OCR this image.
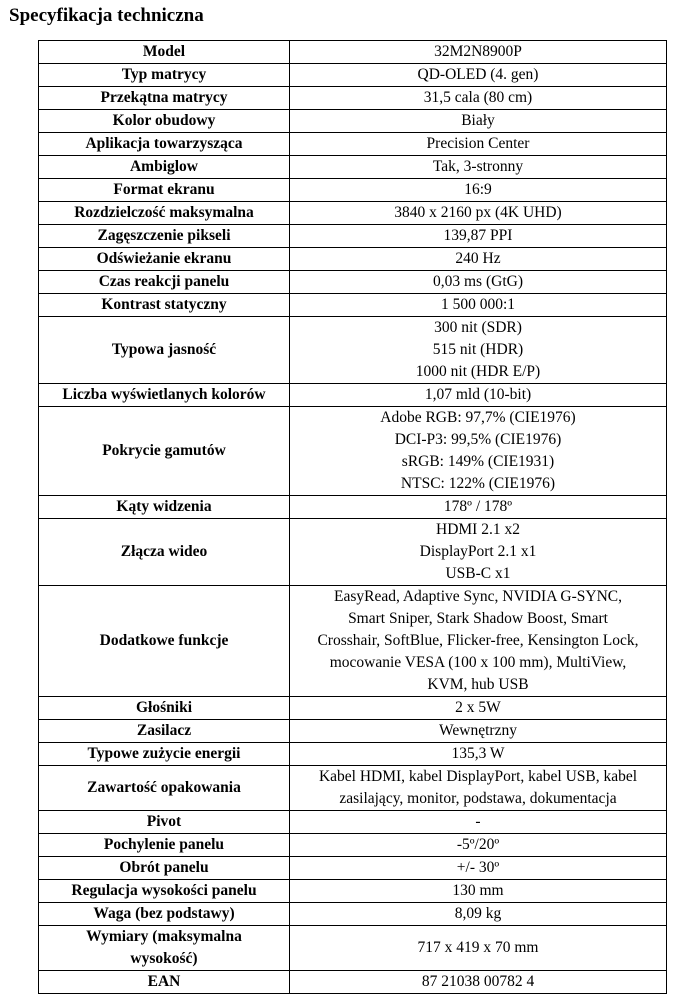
Specyfikacja techniczna
Model	32M2N8900P

Typ matrycy	QD-OLED (4. gen)

Przekątna matrycy	31,5 cala (80 cm)

Kolor obudowy	Biały

Aplikacja towarzysząca	Precision Center

Ambiglow	Tak, 3-stronny

Format ekranu	16:9

Rozdzielczość maksymalna	3840 x 2160 px (4K UHD)

Zagęszczenie pikseli	139,87 PPI

Odświeżanie ekranu	240 Hz

Czas reakcji panelu	0,03 ms (GtG)

Kontrast statyczny	1 500 000:1

Typowa jasność	300 nit (SDR)
515 nit (HDR)
1000 nit (HDR E/P)

Liczba wyświetlanych kolorów	1,07 mld (10-bit)

Pokrycie gamutów	Adobe RGB: 97,7% (CIE1976)
DCI-P3: 99,5% (CIE1976)
sRGB: 149% (CIE1931)
NTSC: 122% (CIE1976)

Kąty widzenia	178º / 178º

Złącza wideo	HDMI 2.1 x2
DisplayPort 2.1 x1
USB-C x1

Dodatkowe funkcje	EasyRead, Adaptive Sync, NVIDIA G-SYNC,
Smart Sniper, Stark Shadow Boost, Smart
Crosshair, SoftBlue, Flicker-free, Kensington Lock,
mocowanie VESA (100 x 100 mm), MultiView,
KVM, hub USB

Głośniki	2 x 5W

Zasilacz	Wewnętrzny

Typowe zużycie energii	135,3 W

Zawartość opakowania	Kabel HDMI, kabel DisplayPort, kabel USB, kabel
zasilający, monitor, podstawa, dokumentacja

Pivot	-

Pochylenie panelu	-5º/20º

Obrót panelu	+/- 30º

Regulacja wysokości panelu	130 mm

Waga (bez podstawy)	8,09 kg

Wymiary (maksymalna
wysokość)	717 x 419 x 70 mm

EAN	87 21038 00782 4
